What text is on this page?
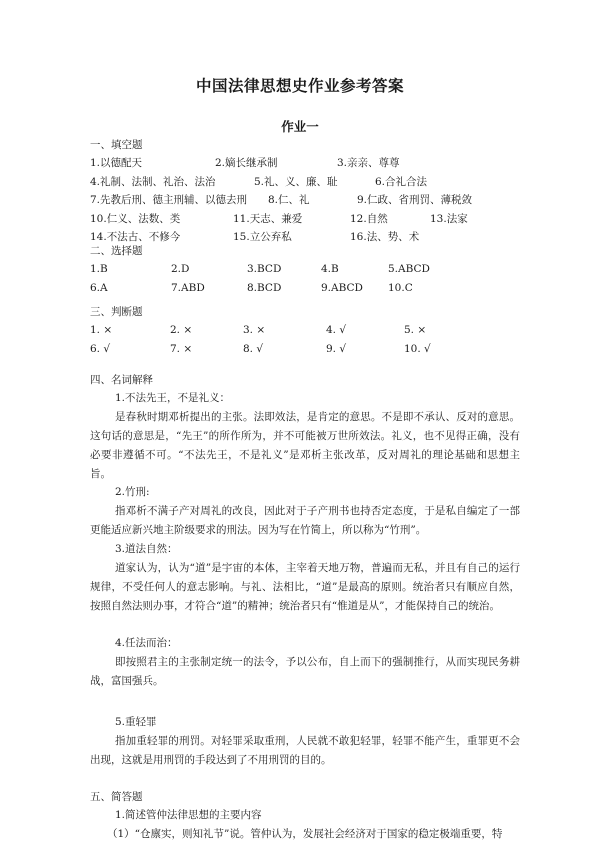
中国法律思想史作业参考答案
作业一
一、填空题
1.以德配天	2.嫡长继承制	3.亲亲、尊尊
4.礼制、法制、礼治、法治	5.礼、义、廉、耻	6.合礼合法
7.先教后刑、德主刑辅、以德去刑 8.仁、礼	9.仁政、省刑罚、薄税敛
10.仁义、法数、类	11.天志、兼爱	12.自然	13.法家
14.不法古、不修今	15.立公弃私	16.法、势、术
二、选择题
1.B	2.D	3.BCD	4.B	5.ABCD
6.A	7.ABD	8.BCD	9.ABCD 10.C
三、判断题
1. ×	2. ×	3. ×	4. √	5. ×
6. √	7. ×	8. √	9. √	10. √
四、名词解释
1.不法先王，不是礼义：
是春秋时期邓析提出的主张。法即效法，是肯定的意思。不是即不承认、反对的意思。这句话的意思是，“先王”的所作所为，并不可能被万世所效法。礼义，也不见得正确，没有必要非遵循不可。“不法先王，不是礼义”是邓析主张改革，反对周礼的理论基础和思想主旨。
2.竹刑:
指邓析不满子产对周礼的改良，因此对于子产刑书也持否定态度，于是私自编定了一部更能适应新兴地主阶级要求的刑法。因为写在竹简上，所以称为“竹刑”。
3.道法自然：
道家认为，认为“道”是宇宙的本体，主宰着天地万物，普遍而无私，并且有自己的运行规律，不受任何人的意志影响。与礼、法相比，“道”是最高的原则。统治者只有顺应自然，按照自然法则办事，才符合“道”的精神；统治者只有“惟道是从”，才能保持自己的统治。
4.任法而治：
即按照君主的主张制定统一的法令，予以公布，自上而下的强制推行，从而实现民务耕战，富国强兵。
5.重轻罪
指加重轻罪的刑罚。对轻罪采取重刑，人民就不敢犯轻罪，轻罪不能产生，重罪更不会出现，这就是用刑罚的手段达到了不用刑罚的目的。
五、简答题
1.简述管仲法律思想的主要内容
（1）“仓廪实，则知礼节”说。管仲认为，发展社会经济对于国家的稳定极端重要，特
